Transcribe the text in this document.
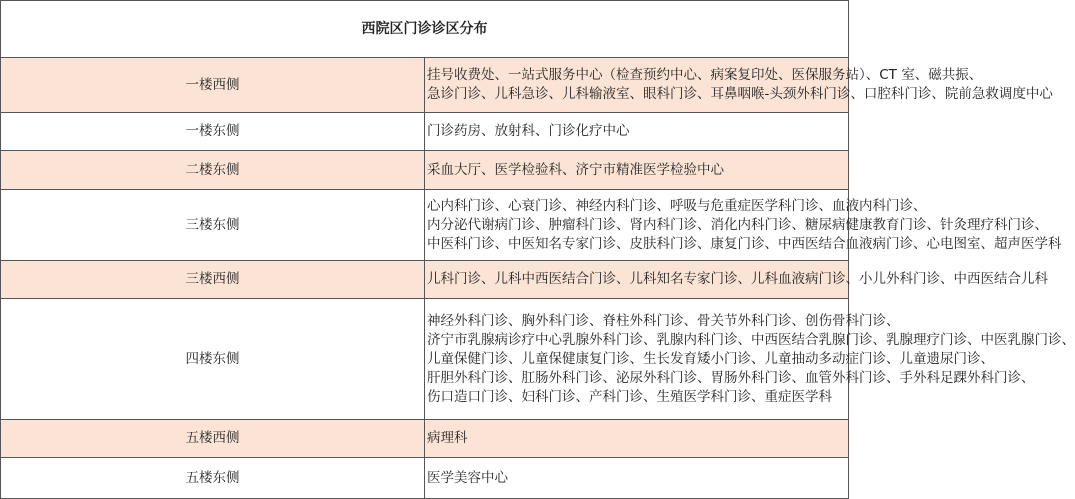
西院区门诊诊区分布	
一楼西侧	挂号收费处、一站式服务中心（检查预约中心、病案复印处、医保服务站）、CT 室、磁共振、
急诊门诊、儿科急诊、儿科输液室、眼科门诊、耳鼻咽喉-头颈外科门诊、口腔科门诊、院前急救调度中心

一楼东侧	门诊药房、放射科、门诊化疗中心

二楼东侧	采血大厅、医学检验科、济宁市精准医学检验中心

三楼东侧	心内科门诊、心衰门诊、神经内科门诊、呼吸与危重症医学科门诊、血液内科门诊、
内分泌代谢病门诊、肿瘤科门诊、肾内科门诊、消化内科门诊、糖尿病健康教育门诊、针灸理疗科门诊、
中医科门诊、中医知名专家门诊、皮肤科门诊、康复门诊、中西医结合血液病门诊、心电图室、超声医学科

三楼西侧	儿科门诊、儿科中西医结合门诊、儿科知名专家门诊、儿科血液病门诊、小儿外科门诊、中西医结合儿科

四楼东侧	神经外科门诊、胸外科门诊、脊柱外科门诊、骨关节外科门诊、创伤骨科门诊、
济宁市乳腺病诊疗中心乳腺外科门诊、乳腺内科门诊、中西医结合乳腺门诊、乳腺理疗门诊、中医乳腺门诊、
儿童保健门诊、儿童保健康复门诊、生长发育矮小门诊、儿童抽动多动症门诊、儿童遗尿门诊、
肝胆外科门诊、肛肠外科门诊、泌尿外科门诊、胃肠外科门诊、血管外科门诊、手外科足踝外科门诊、
伤口造口门诊、妇科门诊、产科门诊、生殖医学科门诊、重症医学科

五楼西侧	病理科

五楼东侧	医学美容中心
